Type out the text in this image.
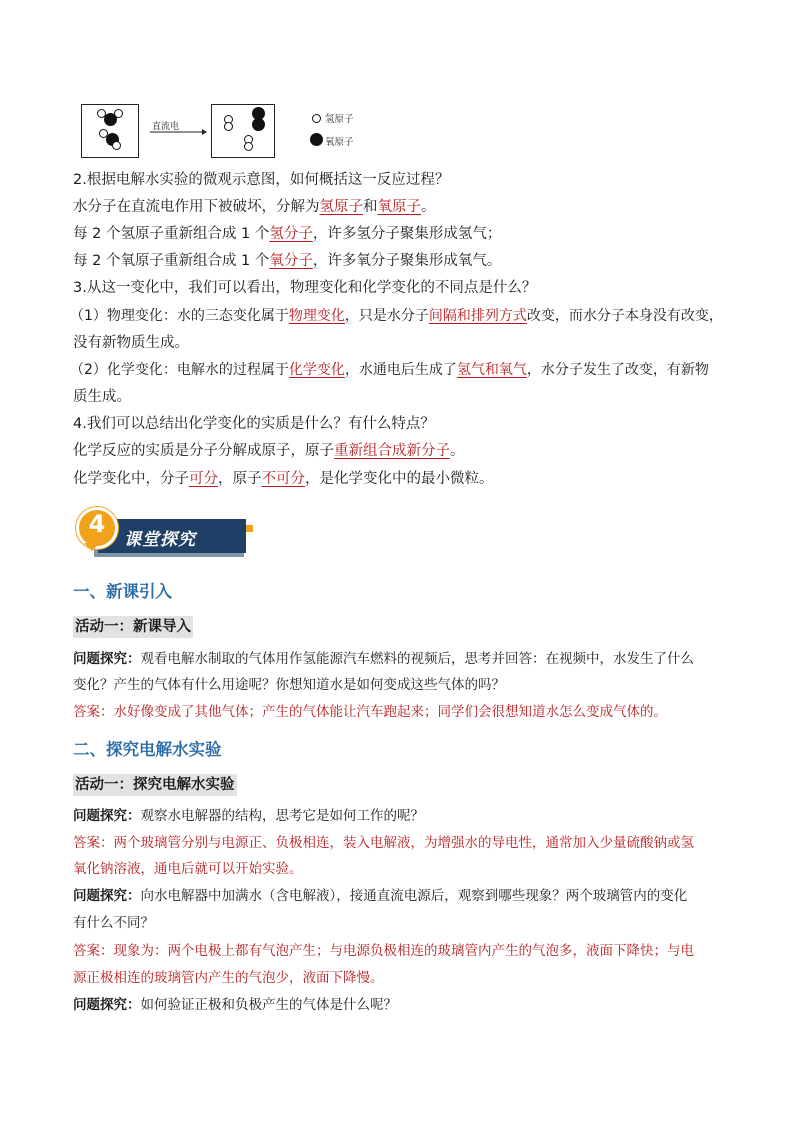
直流电
氢原子
氧原子
2.根据电解水实验的微观示意图，如何概括这一反应过程？
水分子在直流电作用下被破坏，分解为氢原子和氧原子。
每 2 个氢原子重新组合成 1 个氢分子，许多氢分子聚集形成氢气；
每 2 个氧原子重新组合成 1 个氧分子，许多氧分子聚集形成氧气。
3.从这一变化中，我们可以看出，物理变化和化学变化的不同点是什么？
（1）物理变化：水的三态变化属于物理变化，只是水分子间隔和排列方式改变，而水分子本身没有改变，
没有新物质生成。
（2）化学变化：电解水的过程属于化学变化，水通电后生成了氢气和氧气，水分子发生了改变，有新物
质生成。
4.我们可以总结出化学变化的实质是什么？有什么特点？
化学反应的实质是分子分解成原子，原子重新组合成新分子。
化学变化中，分子可分，原子不可分，是化学变化中的最小微粒。
课堂探究
4
一、新课引入
活动一：新课导入
问题探究：观看电解水制取的气体用作氢能源汽车燃料的视频后，思考并回答：在视频中，水发生了什么
变化？产生的气体有什么用途呢？你想知道水是如何变成这些气体的吗？
答案：水好像变成了其他气体；产生的气体能让汽车跑起来；同学们会很想知道水怎么变成气体的。
二、探究电解水实验
活动一：探究电解水实验
问题探究：观察水电解器的结构，思考它是如何工作的呢？
答案：两个玻璃管分别与电源正、负极相连，装入电解液，为增强水的导电性，通常加入少量硫酸钠或氢
氧化钠溶液，通电后就可以开始实验。
问题探究：向水电解器中加满水（含电解液），接通直流电源后，观察到哪些现象？两个玻璃管内的变化
有什么不同？
答案：现象为：两个电极上都有气泡产生；与电源负极相连的玻璃管内产生的气泡多，液面下降快；与电
源正极相连的玻璃管内产生的气泡少，液面下降慢。
问题探究：如何验证正极和负极产生的气体是什么呢？
